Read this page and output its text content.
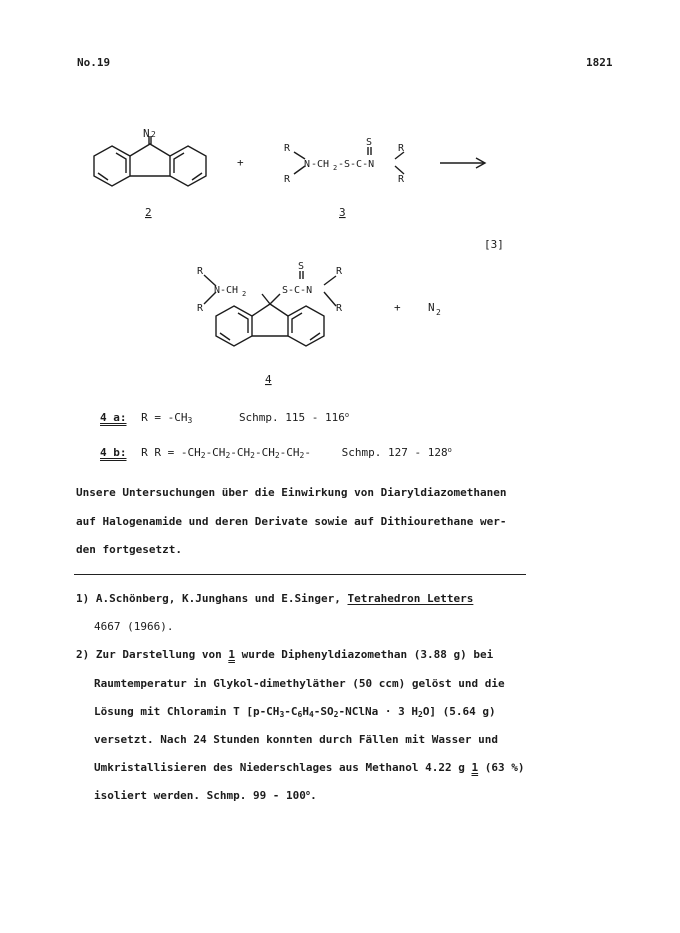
No.19	1821
N 2
2
+
R
R
S
R
R
N -CH 2 -S-C-N
3
[3]
R
R
N-CH 2
S
S-C-N
R
R	+ N 2
4
4 a: $R = -CH_3$	Schmp. 115 - 116$^o$
4 b: R $R = -CH_2-CH_2-CH_2-CH_2-CH_2-$	Schmp. 127 - 128$^o$
Unsere Untersuchungen über die Einwirkung von Diaryldiazomethanen
auf Halogenamide und deren Derivate sowie auf Dithiourethane wer-
den fortgesetzt.
1) A.Schönberg, K.Junghans und E.Singer, Tetrahedron Letters
4667 (1966).
2) Zur Darstellung von 1 wurde Diphenyldiazomethan (3.88 g) bei
Raumtemperatur in Glykol-dimethyläther (50 ccm) gelöst und die
Lösung mit Chloramin T [$p-CH_3-C_6H_4-SO_2$-NClNa · 3 $H_2O$] (5.64 g)
versetzt. Nach 24 Stunden konnten durch Fällen mit Wasser und
Umkristallisieren des Niederschlages aus Methanol 4.22 g 1 (63 %)
isoliert werden. Schmp. 99 - 100$^o$.
